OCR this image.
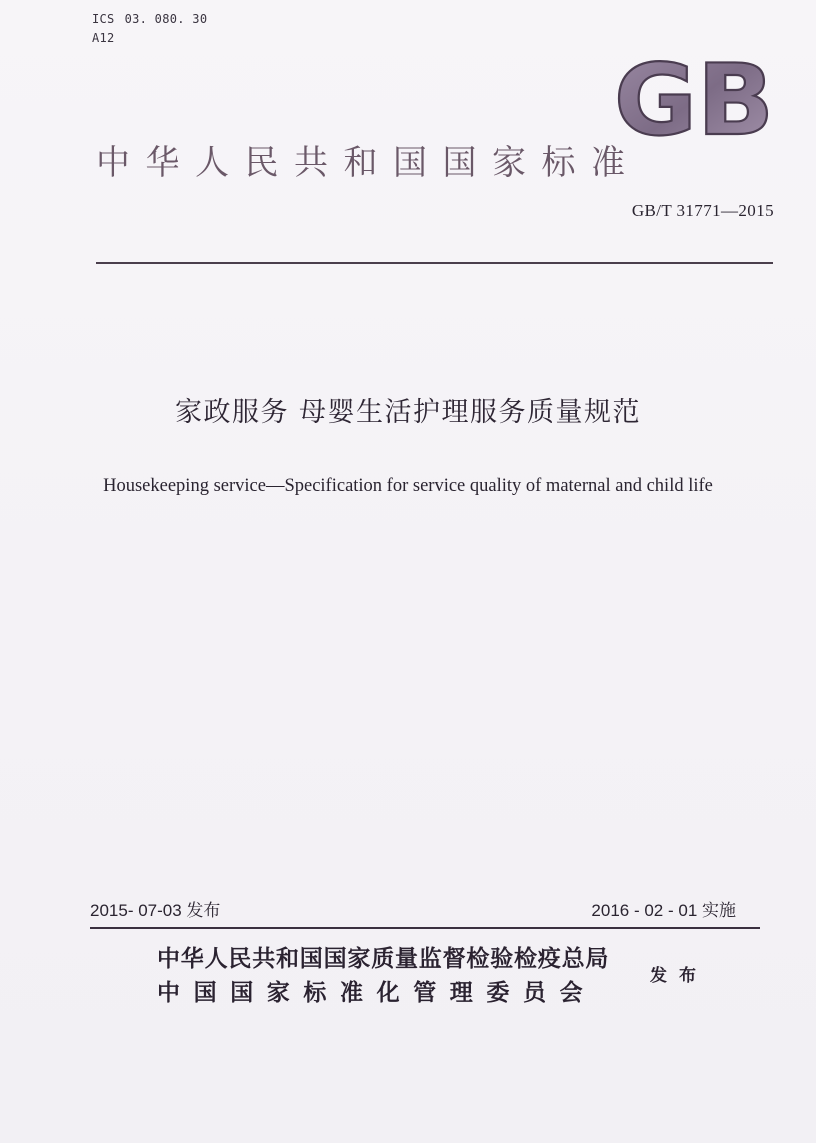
ICS 03. 080. 30
A12
GB
中华人民共和国国家标准
GB/T 31771—2015
家政服务 母婴生活护理服务质量规范
Housekeeping service—Specification for service quality of maternal and child life
2015- 07-03 发布	2016 - 02 - 01 实施
中华人民共和国国家质量监督检验检疫总局
中国国家标准化管理委员会
发布
